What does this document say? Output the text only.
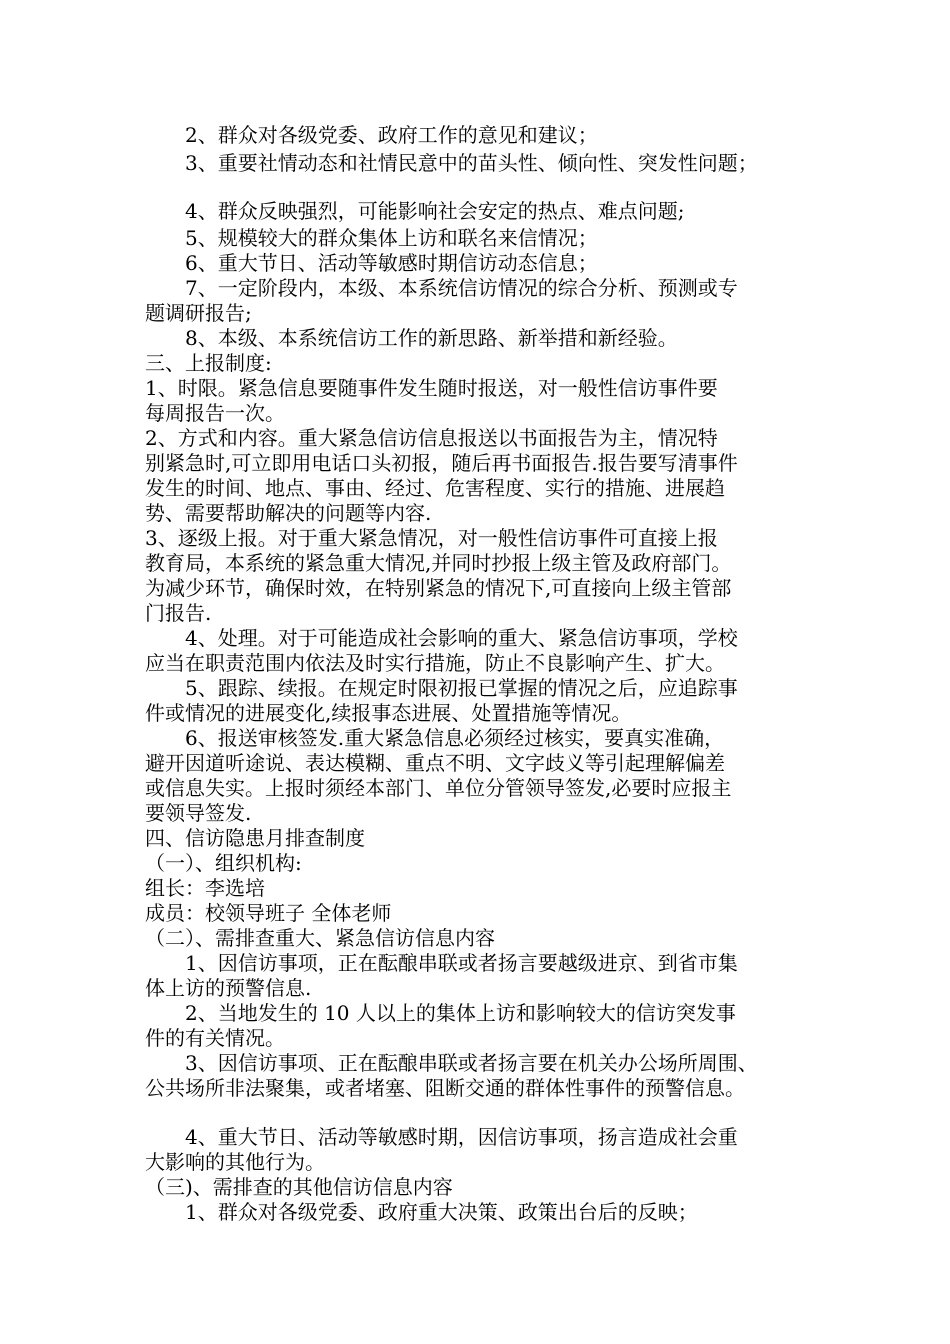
　　2、群众对各级党委、政府工作的意见和建议；
　　3、重要社情动态和社情民意中的苗头性、倾向性、突发性问题；
　　4、群众反映强烈，可能影响社会安定的热点、难点问题;
　　5、规模较大的群众集体上访和联名来信情况；
　　6、重大节日、活动等敏感时期信访动态信息；
　　7、一定阶段内，本级、本系统信访情况的综合分析、预测或专
题调研报告;
　　8、本级、本系统信访工作的新思路、新举措和新经验。
三、上报制度:
1、时限。紧急信息要随事件发生随时报送，对一般性信访事件要
每周报告一次。
2、方式和内容。重大紧急信访信息报送以书面报告为主，情况特
别紧急时,可立即用电话口头初报，随后再书面报告.报告要写清事件
发生的时间、地点、事由、经过、危害程度、实行的措施、进展趋
势、需要帮助解决的问题等内容.
3、逐级上报。对于重大紧急情况，对一般性信访事件可直接上报
教育局，本系统的紧急重大情况,并同时抄报上级主管及政府部门。
为减少环节，确保时效，在特别紧急的情况下,可直接向上级主管部
门报告.
　　4、处理。对于可能造成社会影响的重大、紧急信访事项，学校
应当在职责范围内依法及时实行措施，防止不良影响产生、扩大。
　　5、跟踪、续报。在规定时限初报已掌握的情况之后，应追踪事
件或情况的进展变化,续报事态进展、处置措施等情况。
　　6、报送审核签发.重大紧急信息必须经过核实，要真实准确，
避开因道听途说、表达模糊、重点不明、文字歧义等引起理解偏差
或信息失实。上报时须经本部门、单位分管领导签发,必要时应报主
要领导签发.
四、信访隐患月排查制度
（一）、组织机构:
组长：李选培
成员：校领导班子 全体老师
（二）、需排查重大、紧急信访信息内容
　　1、因信访事项，正在酝酿串联或者扬言要越级进京、到省市集
体上访的预警信息.
　　2、当地发生的 10 人以上的集体上访和影响较大的信访突发事
件的有关情况。
　　3、因信访事项、正在酝酿串联或者扬言要在机关办公场所周围、
公共场所非法聚集，或者堵塞、阻断交通的群体性事件的预警信息。
　　4、重大节日、活动等敏感时期，因信访事项，扬言造成社会重
大影响的其他行为。
（三)、需排查的其他信访信息内容
　　1、群众对各级党委、政府重大决策、政策出台后的反映；
